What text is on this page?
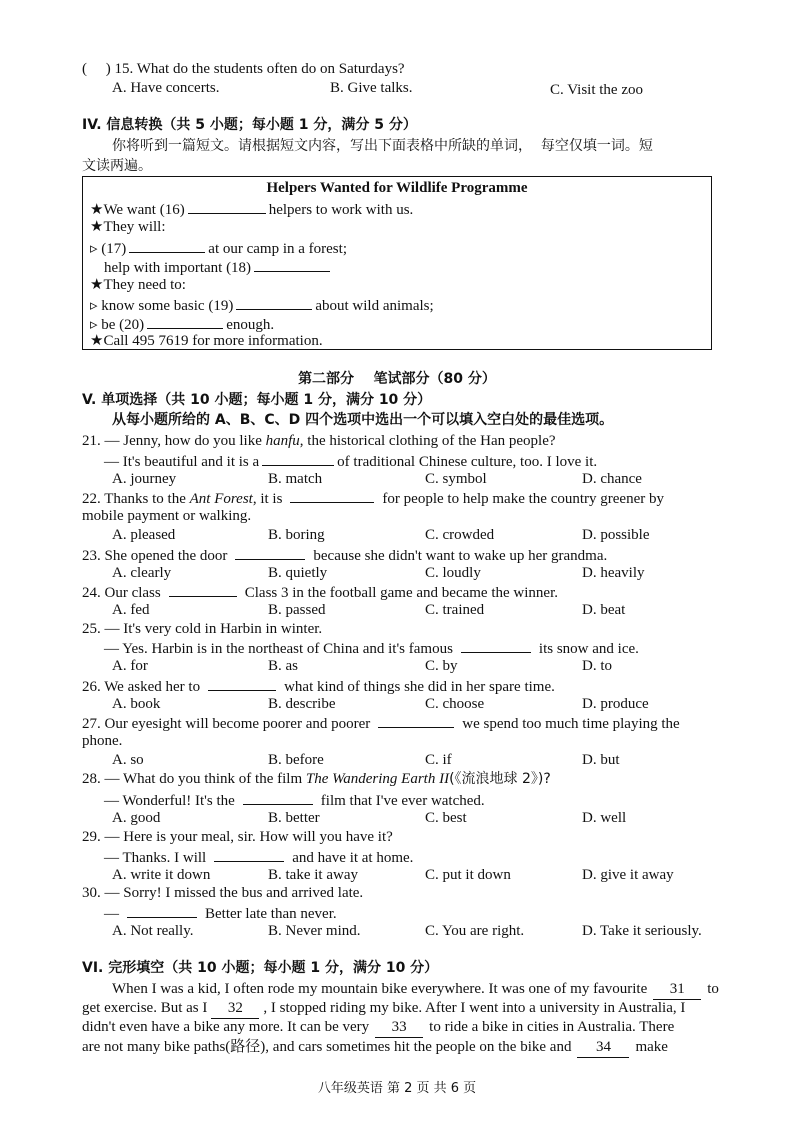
(     ) 15. What do the students often do on Saturdays?
A. Have concerts.	B. Give talks.	C. Visit the zoo
IV. 信息转换（共 5 小题；每小题 1 分，满分 5 分）
你将听到一篇短文。请根据短文内容，写出下面表格中所缺的单词，  每空仅填一词。短
文读两遍。
Helpers Wanted for Wildlife Programme
★We want (16)	helpers to work with us.
★They will:
▹ (17)	at our camp in a forest;
help with important (18)
★They need to:
▹ know some basic (19)	about wild animals;
▹ be (20)	enough.
★Call 495 7619 for more information.
第二部分    笔试部分（80 分）
V. 单项选择（共 10 小题；每小题 1 分，满分 10 分）
从每小题所给的 A、B、C、D 四个选项中选出一个可以填入空白处的最佳选项。
21. — Jenny, how do you like hanfu, the historical clothing of the Han people?
— It's beautiful and it is a	of traditional Chinese culture, too. I love it.
A. journey	B. match	C. symbol	D. chance
22. Thanks to the Ant Forest, it is	for people to help make the country greener by
mobile payment or walking.
A. pleased	B. boring	C. crowded	D. possible
23. She opened the door	because she didn't want to wake up her grandma.
A. clearly	B. quietly	C. loudly	D. heavily
24. Our class	Class 3 in the football game and became the winner.
A. fed	B. passed	C. trained	D. beat
25. — It's very cold in Harbin in winter.
— Yes. Harbin is in the northeast of China and it's famous	its snow and ice.
A. for	B. as	C. by	D. to
26. We asked her to	what kind of things she did in her spare time.
A. book	B. describe	C. choose	D. produce
27. Our eyesight will become poorer and poorer	we spend too much time playing the
phone.
A. so	B. before	C. if	D. but
28. — What do you think of the film The Wandering Earth II(《流浪地球 2》)?
— Wonderful! It's the	film that I've ever watched.
A. good	B. better	C. best	D. well
29. — Here is your meal, sir. How will you have it?
— Thanks. I will	and have it at home.
A. write it down	B. take it away	C. put it down	D. give it away
30. — Sorry! I missed the bus and arrived late.
—	Better late than never.
A. Not really.	B. Never mind.	C. You are right.	D. Take it seriously.
VI. 完形填空（共 10 小题；每小题 1 分，满分 10 分）
When I was a kid, I often rode my mountain bike everywhere. It was one of my favourite 31 to
get exercise. But as I 32 , I stopped riding my bike. After I went into a university in Australia, I
didn't even have a bike any more. It can be very 33 to ride a bike in cities in Australia. There
are not many bike paths(路径), and cars sometimes hit the people on the bike and 34 make
八年级英语 第 2 页 共 6 页
